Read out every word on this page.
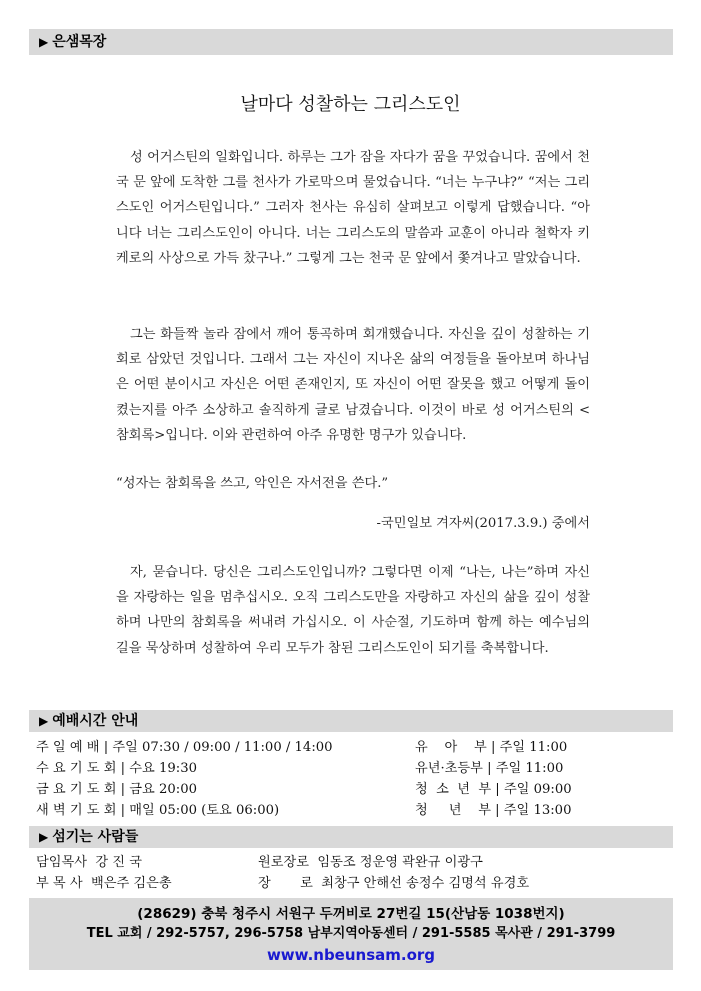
▶ 은샘목장
날마다 성찰하는 그리스도인
성 어거스틴의 일화입니다. 하루는 그가 잠을 자다가 꿈을 꾸었습니다. 꿈에서 천국 문 앞에 도착한 그를 천사가 가로막으며 물었습니다. “너는 누구냐?” “저는 그리스도인 어거스틴입니다.” 그러자 천사는 유심히 살펴보고 이렇게 답했습니다. “아니다 너는 그리스도인이 아니다. 너는 그리스도의 말씀과 교훈이 아니라 철학자 키케로의 사상으로 가득 찼구나.” 그렇게 그는 천국 문 앞에서 쫓겨나고 말았습니다.
그는 화들짝 놀라 잠에서 깨어 통곡하며 회개했습니다. 자신을 깊이 성찰하는 기회로 삼았던 것입니다. 그래서 그는 자신이 지나온 삶의 여정들을 돌아보며 하나님은 어떤 분이시고 자신은 어떤 존재인지, 또 자신이 어떤 잘못을 했고 어떻게 돌이켰는지를 아주 소상하고 솔직하게 글로 남겼습니다. 이것이 바로 성 어거스틴의 <참회록>입니다. 이와 관련하여 아주 유명한 명구가 있습니다.
“성자는 참회록을 쓰고, 악인은 자서전을 쓴다.”
-국민일보 겨자씨(2017.3.9.) 중에서
자, 묻습니다. 당신은 그리스도인입니까? 그렇다면 이제 “나는, 나는”하며 자신을 자랑하는 일을 멈추십시오. 오직 그리스도만을 자랑하고 자신의 삶을 깊이 성찰하며 나만의 참회록을 써내려 가십시오. 이 사순절, 기도하며 함께 하는 예수님의 길을 묵상하며 성찰하여 우리 모두가 참된 그리스도인이 되기를 축복합니다.
▶ 예배시간 안내
주 일 예 배 | 주일 07:30 / 09:00 / 11:00 / 14:00
수 요 기 도 회 | 수요 19:30
금 요 기 도 회 | 금요 20:00
새 벽 기 도 회 | 매일 05:00 (토요 06:00)
유    아    부 | 주일 11:00
유년·초등부 | 주일 11:00
청  소  년  부 | 주일 09:00
청     년    부 | 주일 13:00
▶ 섬기는 사람들
담임목사 강 진 국
부 목 사 백은주 김은총
원로장로 임동조 정운영 곽완규 이광구
장       로 최창구 안해선 송정수 김명석 유경호
(28629) 충북 청주시 서원구 두꺼비로 27번길 15(산남동 1038번지)
TEL 교회 / 292-5757, 296-5758 남부지역아동센터 / 291-5585 목사관 / 291-3799
www.nbeunsam.org
